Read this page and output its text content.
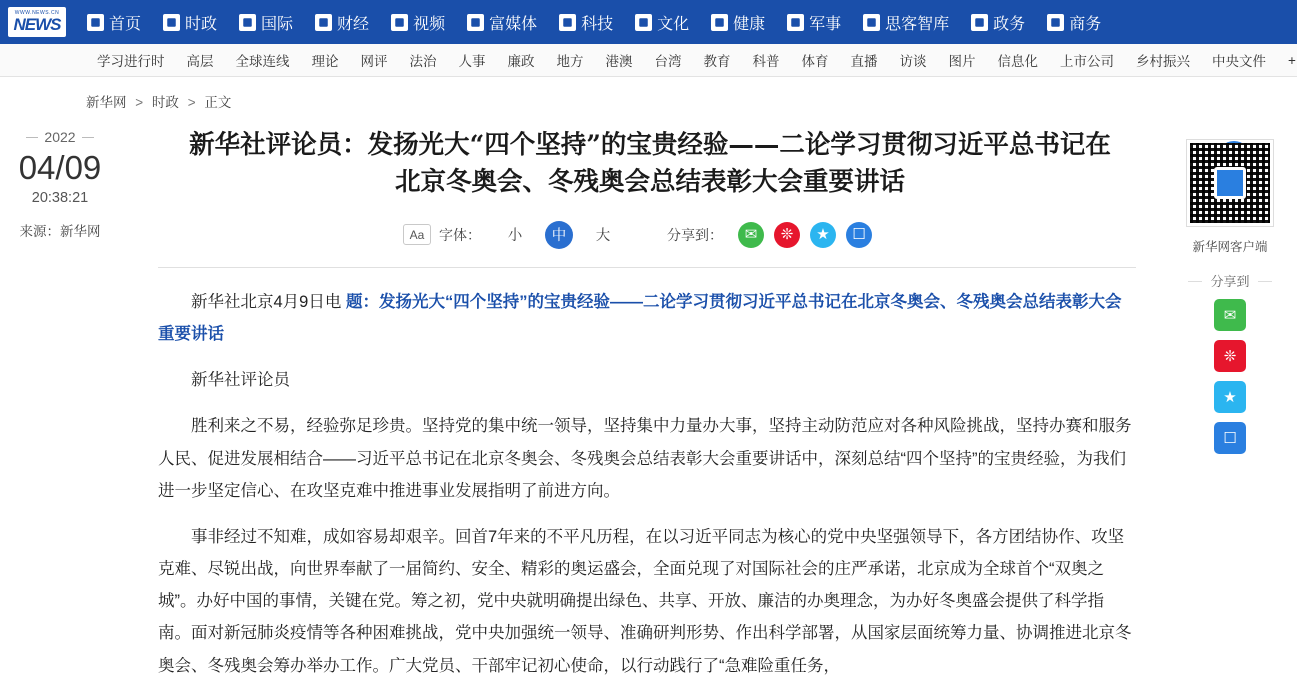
WWW.NEWS.CN
NEWS	首页	时政	国际	财经	视频	富媒体	科技	文化	健康	军事	思客智库	政务	商务
学习进行时	高层	全球连线	理论	网评	法治	人事	廉政	地方	港澳	台湾	教育	科普	体育	直播	访谈	图片	信息化	上市公司	乡村振兴	中央文件	+
新华网 > 时政 > 正文
2022
04/09
20:38:21
来源：新华网
新华社评论员：发扬光大“四个坚持”的宝贵经验——二论学习贯彻习近平总书记在北京冬奥会、冬残奥会总结表彰大会重要讲话
Aa	字体：	小	中	大	分享到： ✉ ❊ ★ ☐

新华社北京4月9日电 题：发扬光大“四个坚持”的宝贵经验——二论学习贯彻习近平总书记在北京冬奥会、冬残奥会总结表彰大会重要讲话

新华社评论员

胜利来之不易，经验弥足珍贵。坚持党的集中统一领导，坚持集中力量办大事，坚持主动防范应对各种风险挑战，坚持办赛和服务人民、促进发展相结合——习近平总书记在北京冬奥会、冬残奥会总结表彰大会重要讲话中，深刻总结“四个坚持”的宝贵经验，为我们进一步坚定信心、在攻坚克难中推进事业发展指明了前进方向。

事非经过不知难，成如容易却艰辛。回首7年来的不平凡历程，在以习近平同志为核心的党中央坚强领导下，各方团结协作、攻坚克难、尽锐出战，向世界奉献了一届简约、安全、精彩的奥运盛会，全面兑现了对国际社会的庄严承诺，北京成为全球首个“双奥之城”。办好中国的事情，关键在党。筹之初，党中央就明确提出绿色、共享、开放、廉洁的办奥理念，为办好冬奥盛会提供了科学指南。面对新冠肺炎疫情等各种困难挑战，党中央加强统一领导、准确研判形势、作出科学部署，从国家层面统筹力量、协调推进北京冬奥会、冬残奥会筹办举办工作。广大党员、干部牢记初心使命，以行动践行了“急难险重任务，

新华网客户端
分享到
✉
❊
★
☐
